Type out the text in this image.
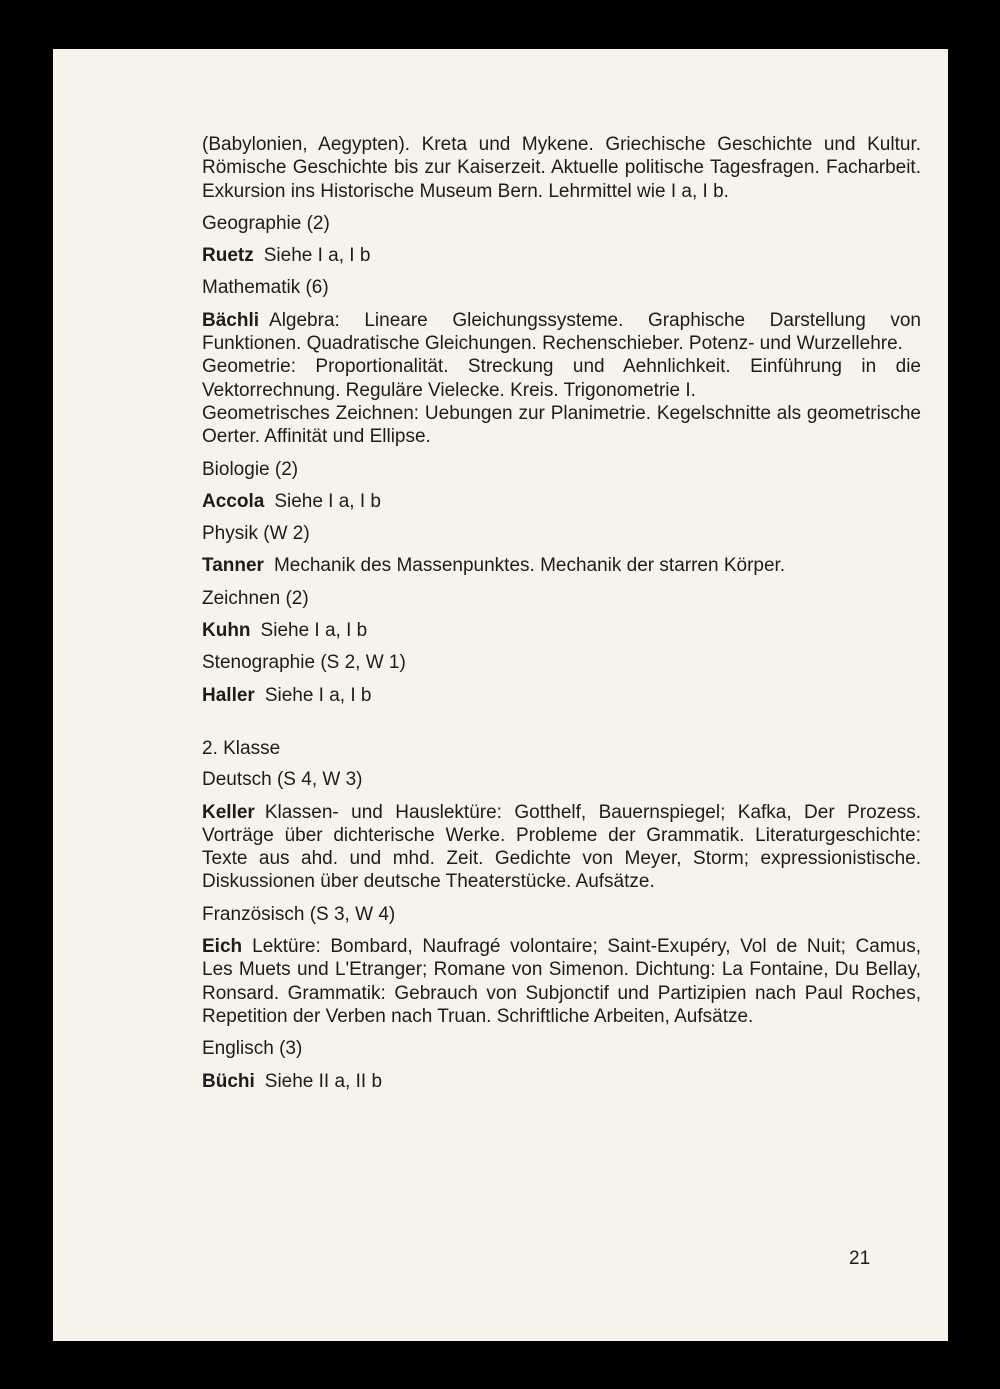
(Babylonien, Aegypten). Kreta und Mykene. Griechische Geschichte und Kultur. Römische Geschichte bis zur Kaiserzeit. Aktuelle politische Tagesfragen. Facharbeit. Exkursion ins Historische Museum Bern. Lehrmittel wie I a, I b.

Geographie (2)

Ruetz Siehe I a, I b

Mathematik (6)

Bächli Algebra: Lineare Gleichungssysteme. Graphische Darstellung von Funktionen. Quadratische Gleichungen. Rechenschieber. Potenz- und Wurzellehre.

Geometrie: Proportionalität. Streckung und Aehnlichkeit. Einführung in die Vektorrechnung. Reguläre Vielecke. Kreis. Trigonometrie I.

Geometrisches Zeichnen: Uebungen zur Planimetrie. Kegelschnitte als geometrische Oerter. Affinität und Ellipse.

Biologie (2)

Accola Siehe I a, I b

Physik (W 2)

Tanner Mechanik des Massenpunktes. Mechanik der starren Körper.

Zeichnen (2)

Kuhn Siehe I a, I b

Stenographie (S 2, W 1)

Haller Siehe I a, I b

2. Klasse

Deutsch (S 4, W 3)

Keller Klassen- und Hauslektüre: Gotthelf, Bauernspiegel; Kafka, Der Prozess. Vorträge über dichterische Werke. Probleme der Grammatik. Literaturgeschichte: Texte aus ahd. und mhd. Zeit. Gedichte von Meyer, Storm; expressionistische. Diskussionen über deutsche Theaterstücke. Aufsätze.

Französisch (S 3, W 4)

Eich Lektüre: Bombard, Naufragé volontaire; Saint-Exupéry, Vol de Nuit; Camus, Les Muets und L'Etranger; Romane von Simenon. Dichtung: La Fontaine, Du Bellay, Ronsard. Grammatik: Gebrauch von Subjonctif und Partizipien nach Paul Roches, Repetition der Verben nach Truan. Schriftliche Arbeiten, Aufsätze.

Englisch (3)

Büchi Siehe II a, II b

21
